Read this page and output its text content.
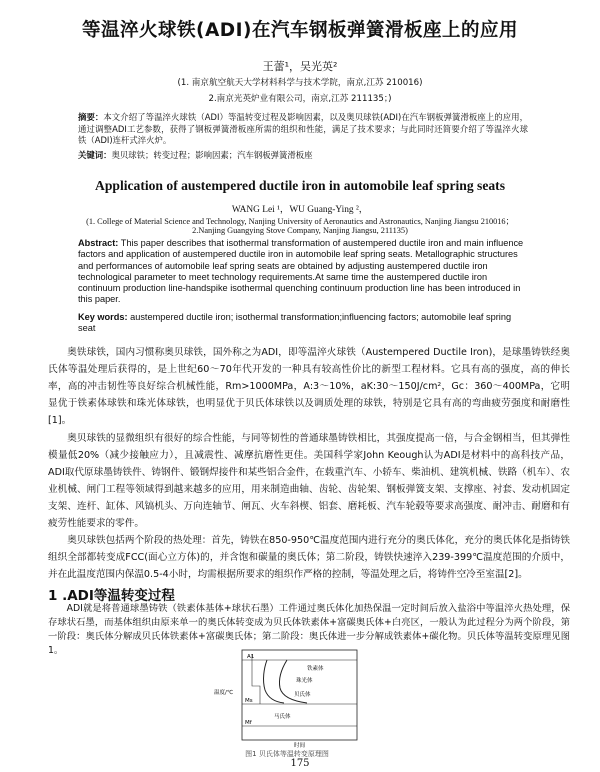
等温淬火球铁(ADI)在汽车钢板弹簧滑板座上的应用
王蕾¹，吴光英²
(1. 南京航空航天大学材料科学与技术学院，南京,江苏 210016)
2.南京光英炉业有限公司，南京,江苏 211135；)
摘要：本文介绍了等温淬火球铁（ADI）等温转变过程及影响因素，以及奥贝球铁(ADI)在汽车钢板弹簧滑板座上的应用，通过调整ADI工艺参数，获得了钢板弹簧滑板座所需的组织和性能，满足了技术要求；与此同时还简要介绍了等温淬火球铁（ADI)连杆式淬火炉。
关键词：奥贝球铁；转变过程；影响因素；汽车钢板弹簧滑板座
Application of austempered ductile iron in automobile leaf spring seats
WANG Lei ¹，WU Guang-Ying ²，
(1. College of Material Science and Technology, Nanjing University of Aeronautics and Astronautics, Nanjing Jiangsu 210016；
2.Nanjing Guangying Stove Company, Nanjing Jiangsu, 211135)
Abstract: This paper describes that isothermal transformation of austempered ductile iron and main influence factors and application of austempered ductile iron in automobile leaf spring seats. Metallographic structures and performances of automobile leaf spring seats are obtained by adjusting austempered ductile iron technological parameter to meet technology requirements.At same time the austempered ductile iron continuum production line-handspike isothermal quenching continuum production line has been introduced in this paper.
Key words: austempered ductile iron; isothermal transformation;influencing factors; automobile leaf spring seat
奥铁球铁，国内习惯称奥贝球铁，国外称之为ADI，即等温淬火球铁（Austempered Ductile Iron)，是球墨铸铁经奥氏体等温处理后获得的，是上世纪60～70年代开发的一种具有较高性价比的新型工程材料。它具有高的强度，高的伸长率，高的冲击韧性等良好综合机械性能，Rm>1000MPa，A:3～10%，aK:30～150J/cm²，Gc：360～400MPa，它明显优于铁素体球铁和珠光体球铁，也明显优于贝氏体球铁以及调质处理的球铁，特别是它具有高的弯曲疲劳强度和耐磨性[1]。
奥贝球铁的显微组织有很好的综合性能，与同等韧性的普通球墨铸铁相比，其强度提高一倍，与合金钢相当，但其弹性模量低20%（减少接触应力），且减震性、减摩抗磨性更佳。美国科学家John Keough认为ADI是材料中的高科技产品，ADI取代原球墨铸铁件、铸钢件、锻钢焊接件和某些铝合金件，在载重汽车、小轿车、柴油机、建筑机械、铁路（机车）、农业机械、闸门工程等领域得到越来越多的应用，用来制造曲轴、齿轮、齿轮架、钢板弹簧支架、支撑座、衬套、发动机固定支架、连杆、缸体、风镐机头、万向连轴节、闸瓦、火车斜楔、铝套、磨耗板、汽车轮毂等要求高强度、耐冲击、耐磨和有疲劳性能要求的零件。
奥贝球铁包括两个阶段的热处理：首先，铸铁在850-950℃温度范围内进行充分的奥氏体化，充分的奥氏体化是指铸铁组织全部都转变成FCC(面心立方体)的，并含饱和碳量的奥氏体；第二阶段，铸铁快速淬入239-399℃温度范围的介质中，并在此温度范围内保温0.5-4小时，均需根据所要求的组织作严格的控制，等温处理之后，将铸件空冷至室温[2]。
1 .ADI等温转变过程
ADI就是将普通球墨铸铁（铁素体基体+球状石墨）工件通过奥氏体化加热保温一定时间后放入盐浴中等温淬火热处理，保存球状石墨，而基体组织由原来单一的奥氏体转变成为贝氏体铁素体+富碳奥氏体+白亮区，一般认为此过程分为两个阶段，第一阶段：奥氏体分解成贝氏体铁素体+富碳奥氏体；第二阶段：奥氏体进一步分解成铁素体+碳化物。贝氏体等温转变原理见图1。
A1
铁素体
珠光体
贝氏体
Ms
Mf
马氏体
温度/℃
时间
图1 贝氏体等温转变原理图
175
